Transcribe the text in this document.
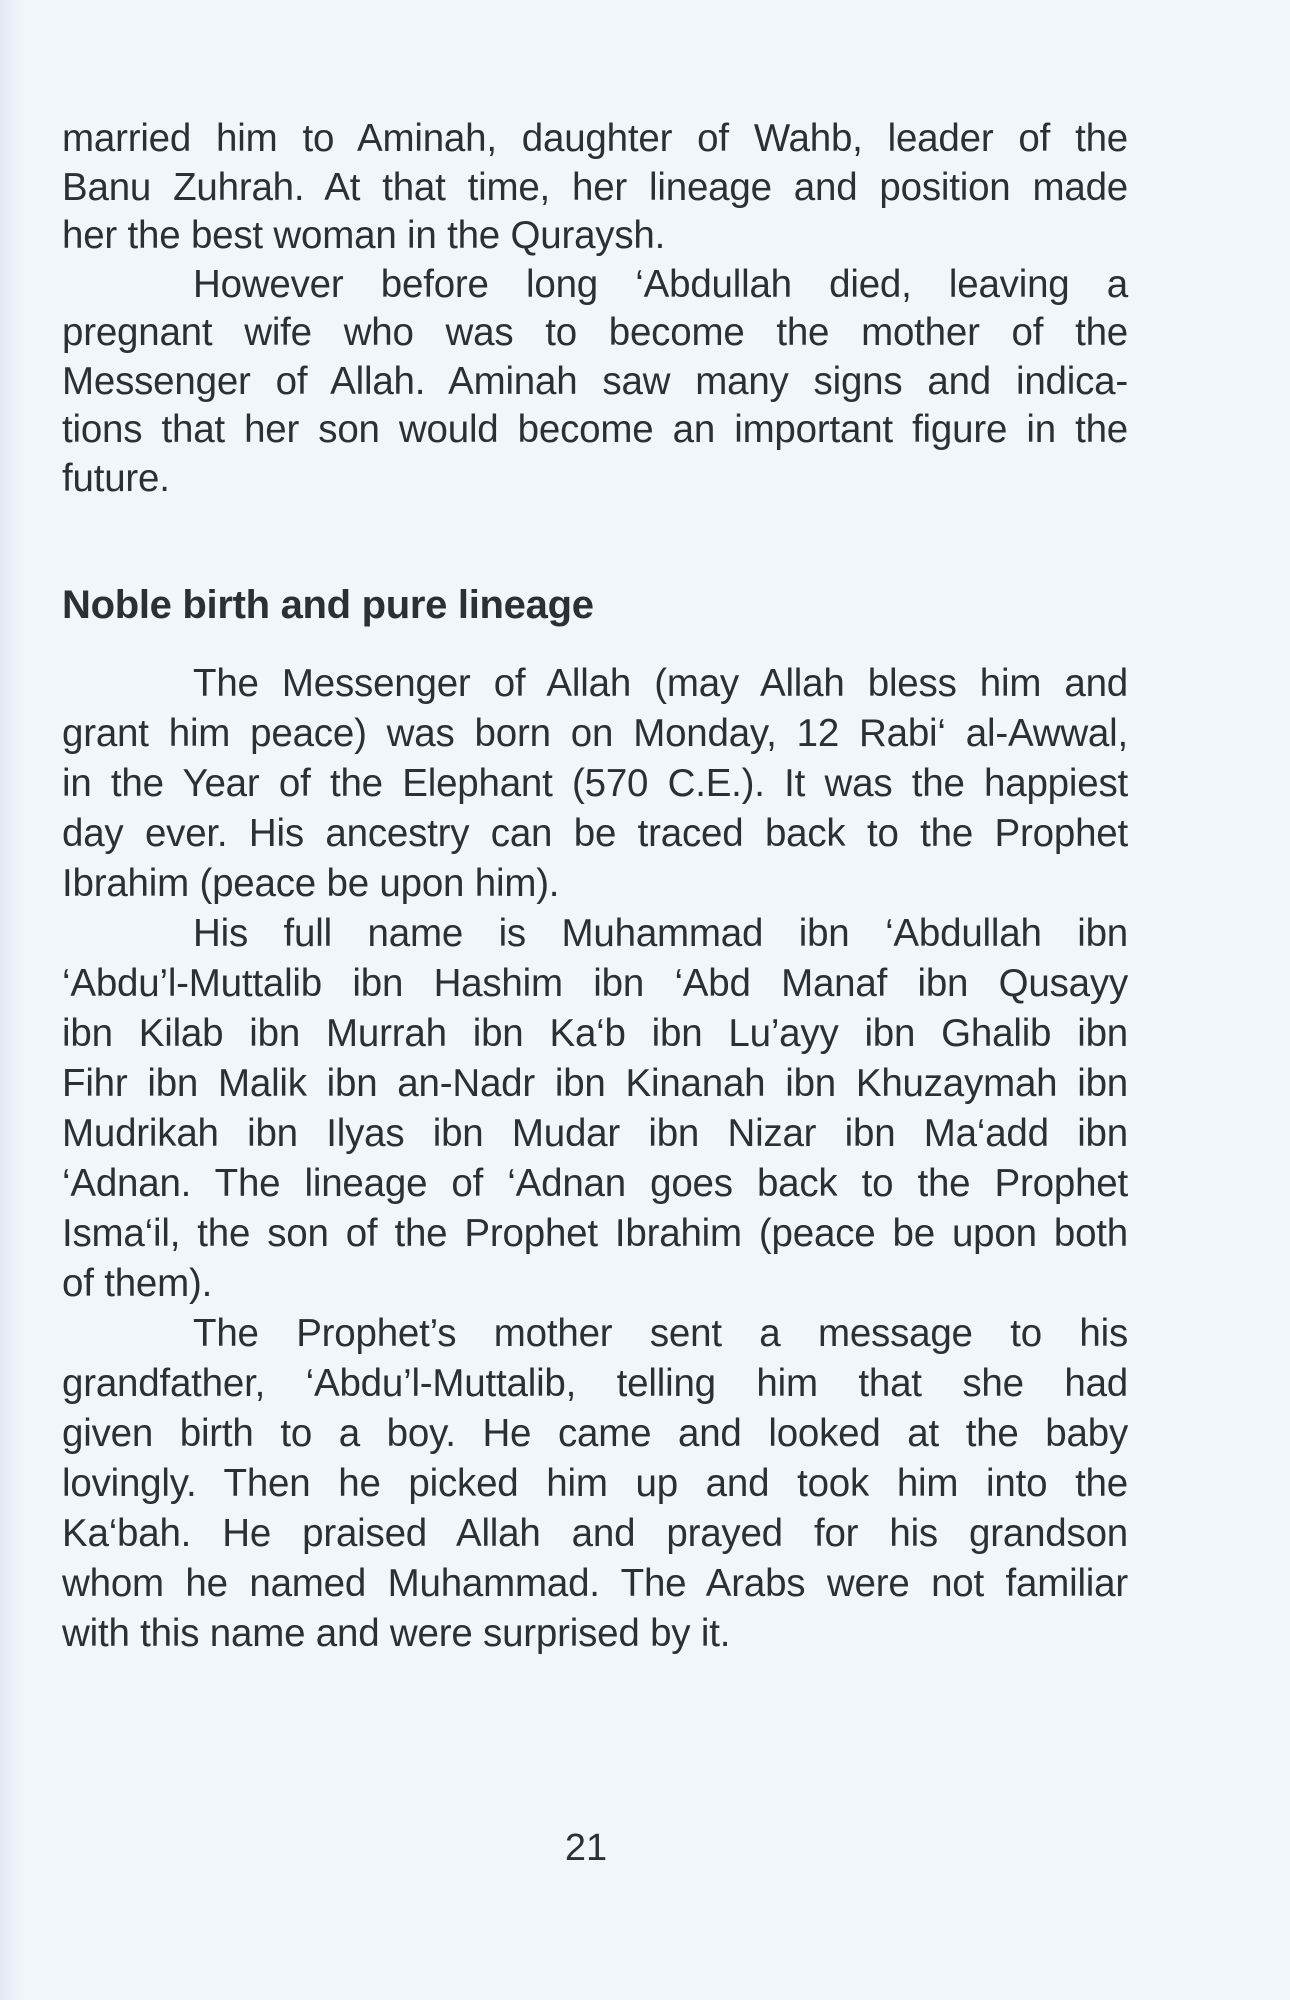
married him to Aminah, daughter of Wahb, leader of the
Banu Zuhrah. At that time, her lineage and position made
her the best woman in the Quraysh.
However before long ‘Abdullah died, leaving a
pregnant wife who was to become the mother of the
Messenger of Allah. Aminah saw many signs and indica-
tions that her son would become an important figure in the
future.
Noble birth and pure lineage
The Messenger of Allah (may Allah bless him and
grant him peace) was born on Monday, 12 Rabi‘ al-Awwal,
in the Year of the Elephant (570 C.E.). It was the happiest
day ever. His ancestry can be traced back to the Prophet
Ibrahim (peace be upon him).
His full name is Muhammad ibn ‘Abdullah ibn
‘Abdu’l-Muttalib ibn Hashim ibn ‘Abd Manaf ibn Qusayy
ibn Kilab ibn Murrah ibn Ka‘b ibn Lu’ayy ibn Ghalib ibn
Fihr ibn Malik ibn an-Nadr ibn Kinanah ibn Khuzaymah ibn
Mudrikah ibn Ilyas ibn Mudar ibn Nizar ibn Ma‘add ibn
‘Adnan. The lineage of ‘Adnan goes back to the Prophet
Isma‘il, the son of the Prophet Ibrahim (peace be upon both
of them).
The Prophet’s mother sent a message to his
grandfather, ‘Abdu’l-Muttalib, telling him that she had
given birth to a boy. He came and looked at the baby
lovingly. Then he picked him up and took him into the
Ka‘bah. He praised Allah and prayed for his grandson
whom he named Muhammad. The Arabs were not familiar
with this name and were surprised by it.
21
